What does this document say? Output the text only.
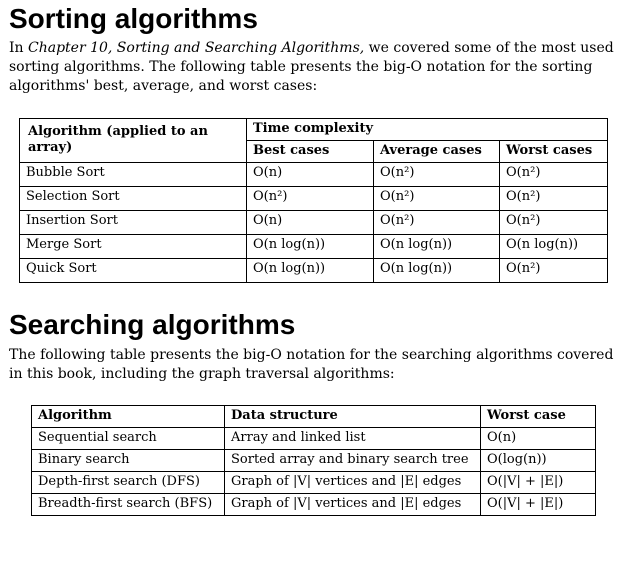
Sorting algorithms

In Chapter 10, Sorting and Searching Algorithms, we covered some of the most used sorting algorithms. The following table presents the big-O notation for the sorting algorithms' best, average, and worst cases:

Algorithm (applied to an array)	Time complexity		
	Best cases	Average cases	Worst cases
Bubble Sort	O(n)	O(n²)	O(n²)
Selection Sort	O(n²)	O(n²)	O(n²)
Insertion Sort	O(n)	O(n²)	O(n²)
Merge Sort	O(n log(n))	O(n log(n))	O(n log(n))
Quick Sort	O(n log(n))	O(n log(n))	O(n²)
Searching algorithms

The following table presents the big-O notation for the searching algorithms covered in this book, including the graph traversal algorithms:

Algorithm	Data structure	Worst case
Sequential search	Array and linked list	O(n)
Binary search	Sorted array and binary search tree	O(log(n))
Depth-first search (DFS)	Graph of |V| vertices and |E| edges	O(|V| + |E|)
Breadth-first search (BFS)	Graph of |V| vertices and |E| edges	O(|V| + |E|)
